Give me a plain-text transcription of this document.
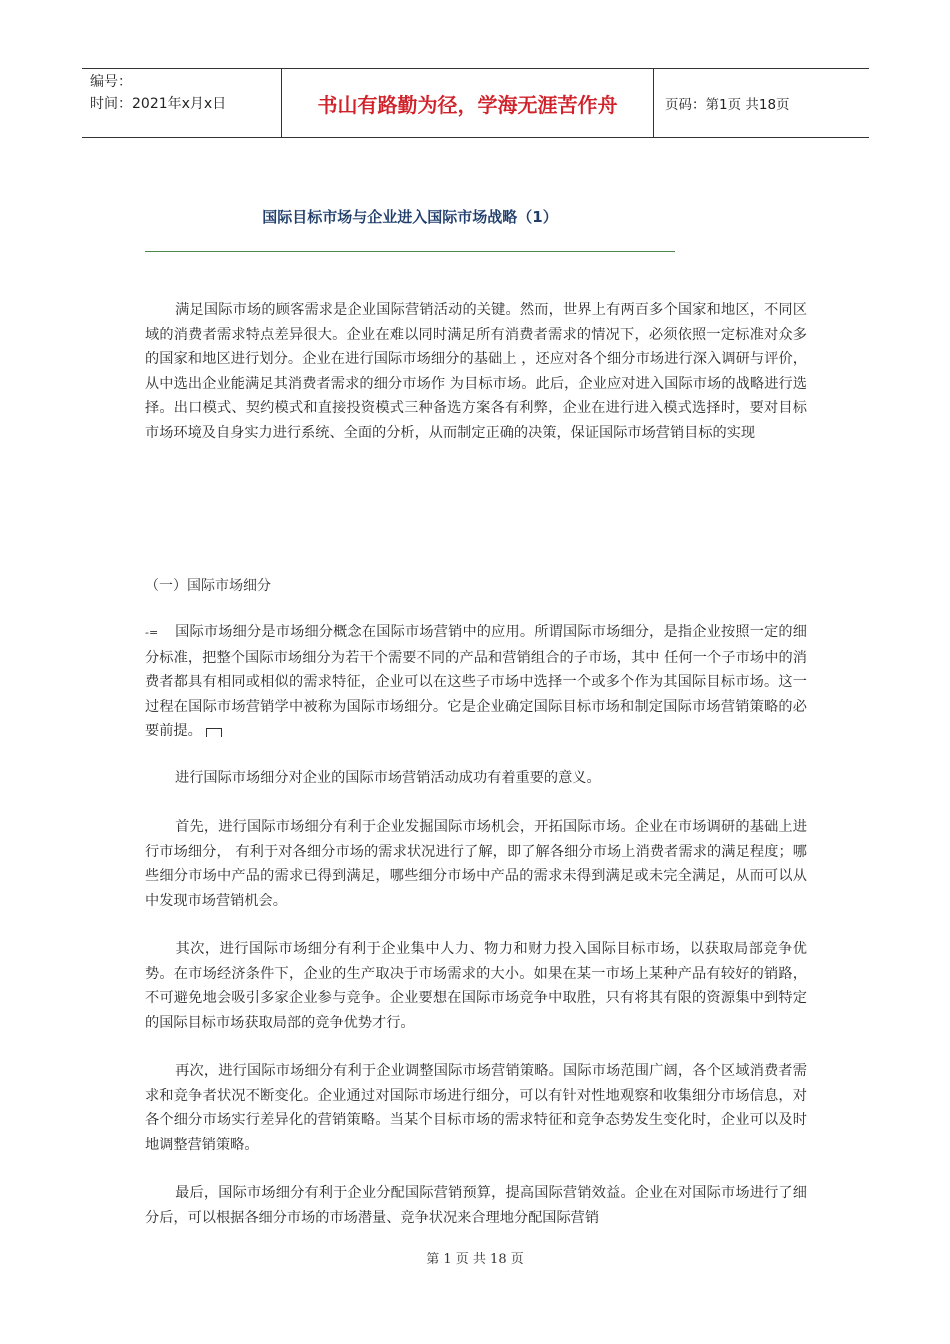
编号：
时间：2021年x月x日	书山有路勤为径，学海无涯苦作舟	页码：第1页 共18页
国际目标市场与企业进入国际市场战略（1）

满足国际市场的顾客需求是企业国际营销活动的关键。然而，世界上有两百多个国家和地区，不同区域的消费者需求特点差异很大。企业在难以同时满足所有消费者需求的情况下，必须依照一定标准对众多的国家和地区进行划分。企业在进行国际市场细分的基础上 ，还应对各个细分市场进行深入调研与评价，从中选出企业能满足其消费者需求的细分市场作 为目标市场。此后，企业应对进入国际市场的战略进行选择。出口模式、契约模式和直接投资模式三种备选方案各有利弊，企业在进行进入模式选择时，要对目标市场环境及自身实力进行系统、全面的分析，从而制定正确的决策，保证国际市场营销目标的实现

（一）国际市场细分

-= 国际市场细分是市场细分概念在国际市场营销中的应用。所谓国际市场细分，是指企业按照一定的细分标准，把整个国际市场细分为若干个需要不同的产品和营销组合的子市场，其中 任何一个子市场中的消费者都具有相同或相似的需求特征，企业可以在这些子市场中选择一个或多个作为其国际目标市场。这一过程在国际市场营销学中被称为国际市场细分。它是企业确定国际目标市场和制定国际市场营销策略的必要前提。

进行国际市场细分对企业的国际市场营销活动成功有着重要的意义。

首先，进行国际市场细分有利于企业发掘国际市场机会，开拓国际市场。企业在市场调研的基础上进行市场细分， 有利于对各细分市场的需求状况进行了解，即了解各细分市场上消费者需求的满足程度；哪些细分市场中产品的需求已得到满足，哪些细分市场中产品的需求未得到满足或未完全满足，从而可以从中发现市场营销机会。

其次，进行国际市场细分有利于企业集中人力、物力和财力投入国际目标市场，以获取局部竞争优势。在市场经济条件下，企业的生产取决于市场需求的大小。如果在某一市场上某种产品有较好的销路，不可避免地会吸引多家企业参与竞争。企业要想在国际市场竞争中取胜，只有将其有限的资源集中到特定的国际目标市场获取局部的竞争优势才行。

再次，进行国际市场细分有利于企业调整国际市场营销策略。国际市场范围广阔，各个区域消费者需求和竞争者状况不断变化。企业通过对国际市场进行细分，可以有针对性地观察和收集细分市场信息，对各个细分市场实行差异化的营销策略。当某个目标市场的需求特征和竞争态势发生变化时，企业可以及时地调整营销策略。

最后，国际市场细分有利于企业分配国际营销预算，提高国际营销效益。企业在对国际市场进行了细分后，可以根据各细分市场的市场潜量、竞争状况来合理地分配国际营销

第 1 页 共 18 页
